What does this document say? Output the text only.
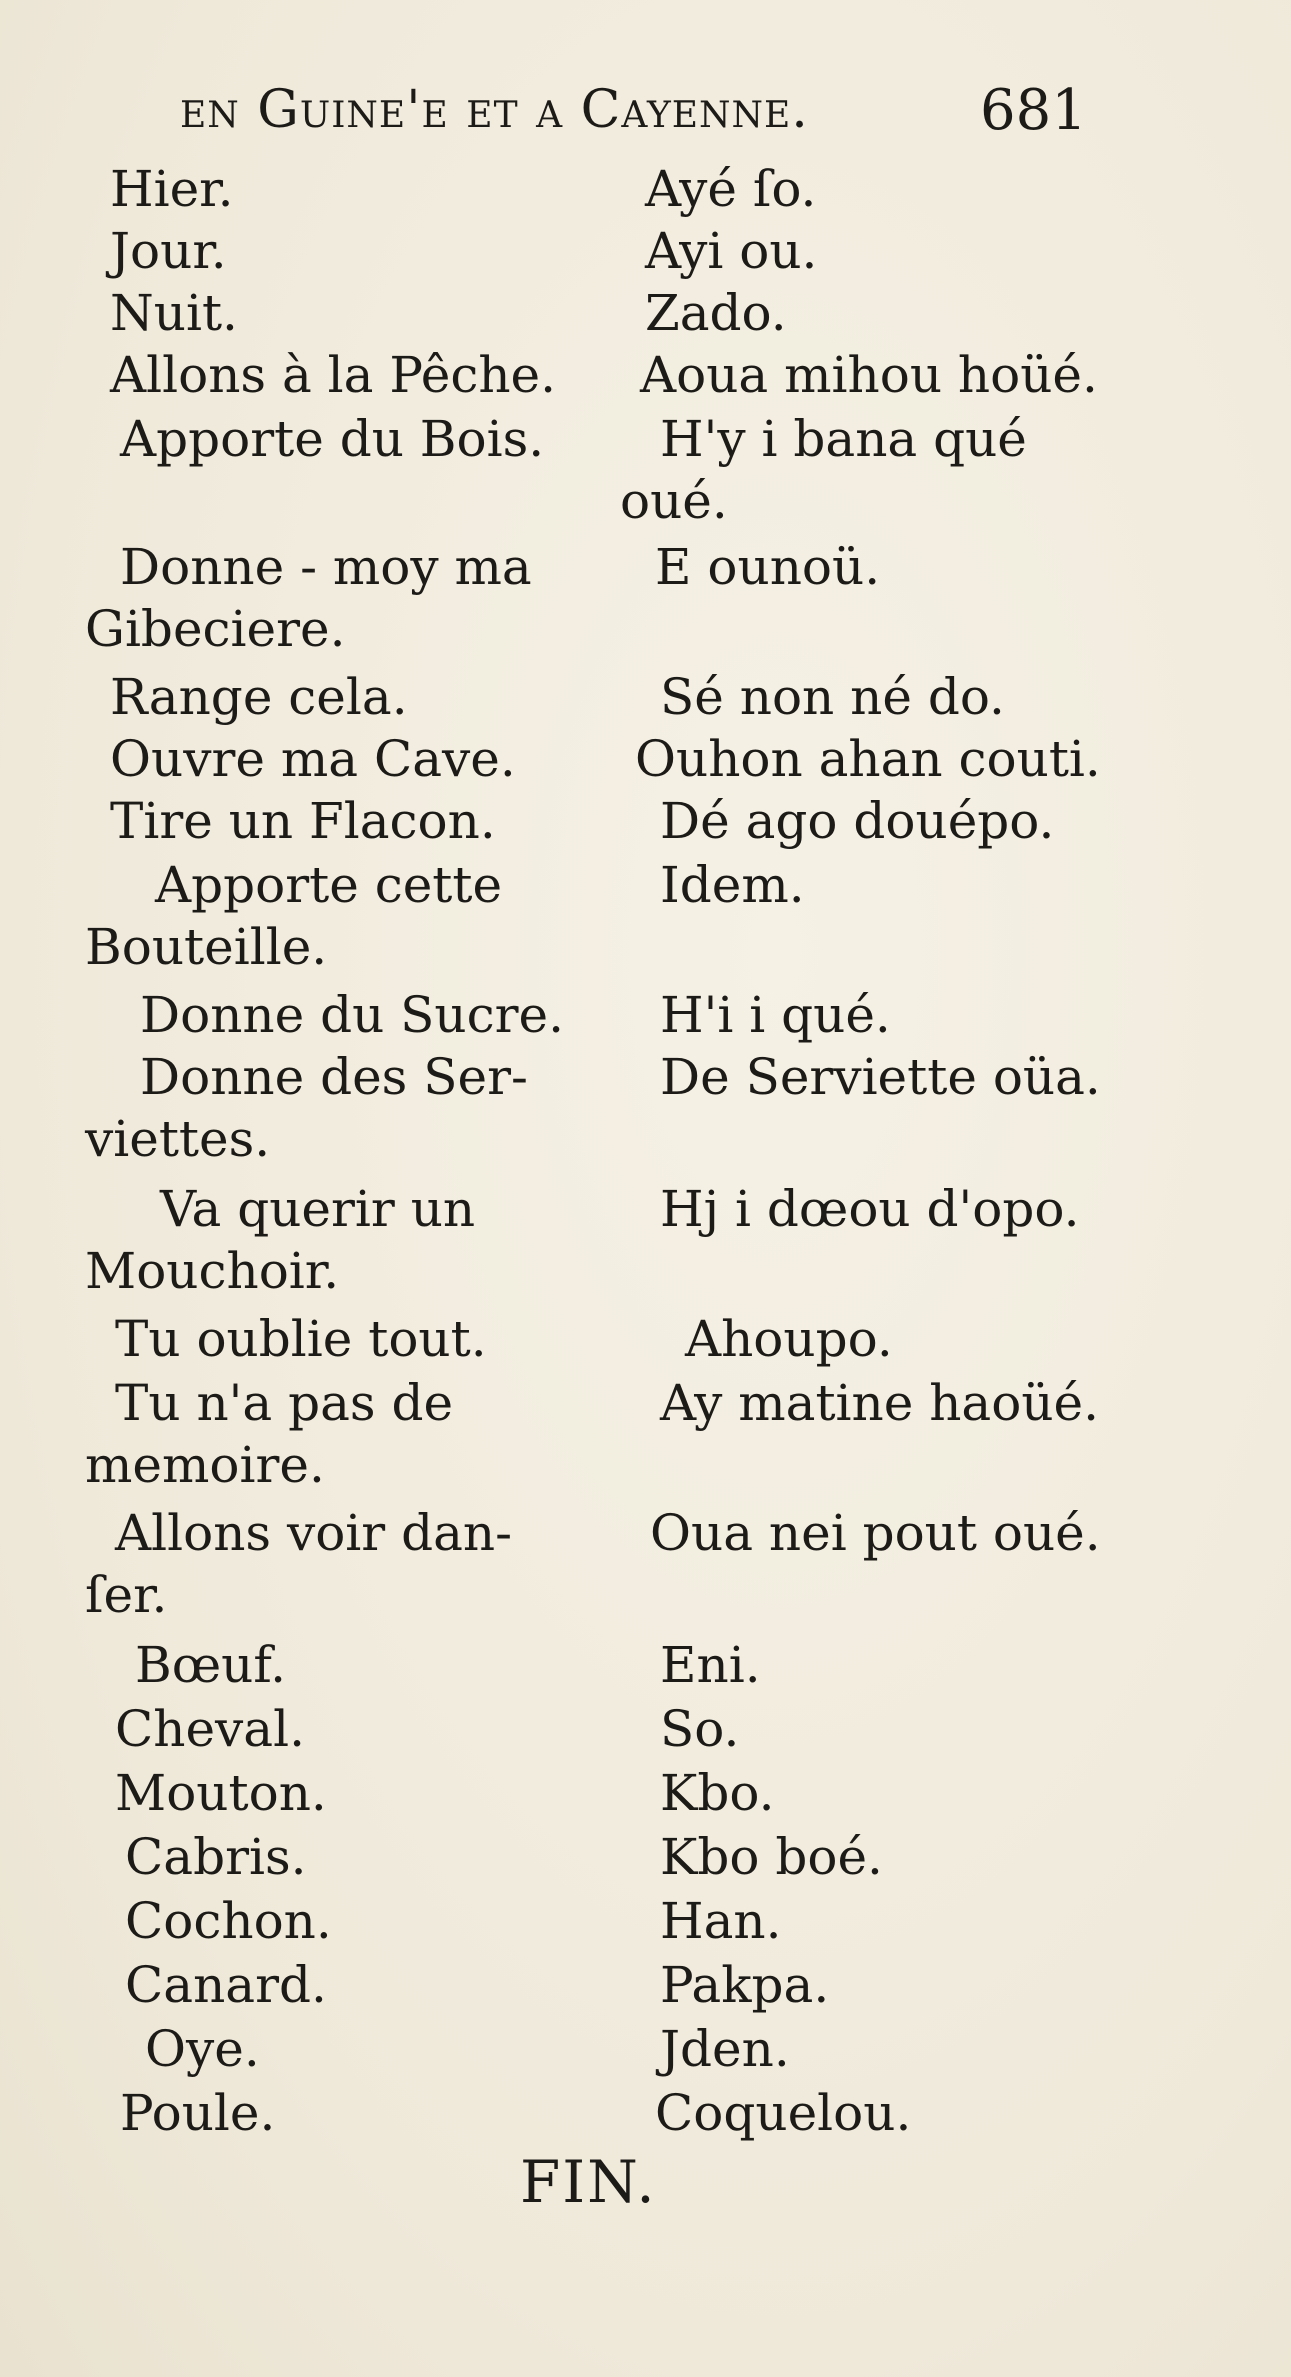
en Guine'e et a Cayenne.	681
Hier.
Jour.
Nuit.
Allons à la Pêche.
Apporte du Bois.
Donne - moy ma
Gibeciere.
Range cela.
Ouvre ma Cave.
Tire un Flacon.
Apporte cette
Bouteille.
Donne du Sucre.
Donne des Ser-
viettes.
Va querir un
Mouchoir.
Tu oublie tout.
Tu n'a pas de
memoire.
Allons voir dan-
ſer.
Bœuf.
Cheval.
Mouton.
Cabris.
Cochon.
Canard.
Oye.
Poule.
Ayé ſo.
Ayi ou.
Zado.
Aoua mihou hoüé.
H'y i bana qué
oué.
E ounoü.
Sé non né do.
Ouhon ahan couti.
Dé ago douépo.
Idem.
H'i i qué.
De Serviette oüa.
Hj i dœou d'opo.
Ahoupo.
Ay matine haoüé.
Oua nei pout oué.
Eni.
So.
Kbo.
Kbo boé.
Han.
Pakpa.
Jden.
Coquelou.
FIN.
